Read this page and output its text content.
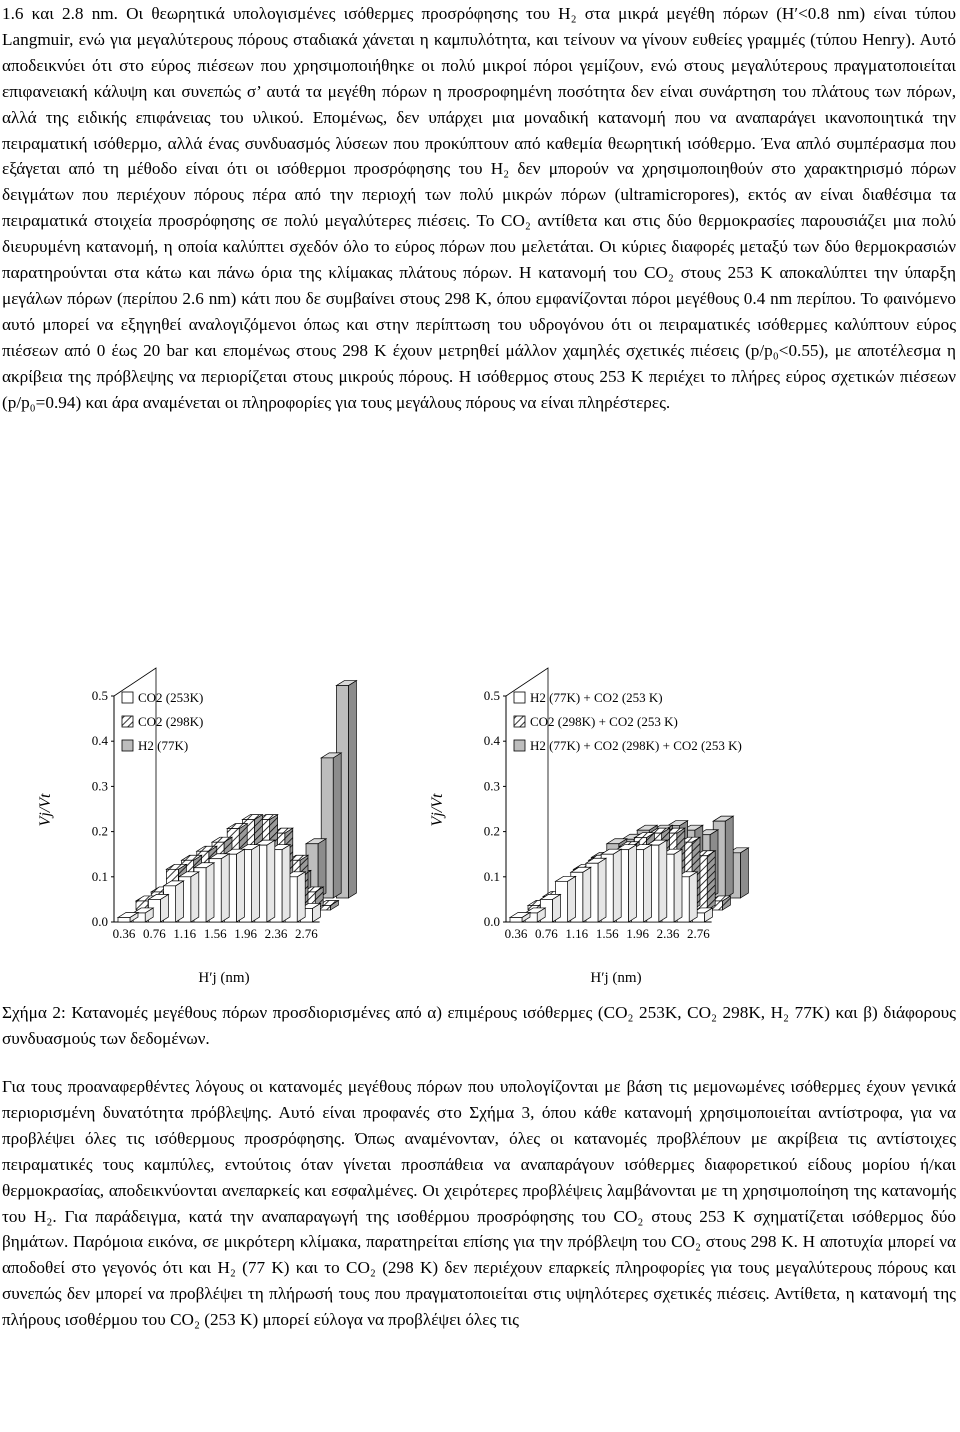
1.6 και 2.8 nm. Οι θεωρητικά υπολογισμένες ισόθερμες προσρόφησης του H₂ στα μικρά μεγέθη πόρων (H′<0.8 nm) είναι τύπου Langmuir, ενώ για μεγαλύτερους πόρους σταδιακά χάνεται η καμπυλότητα, και τείνουν να γίνουν ευθείες γραμμές (τύπου Henry). Αυτό αποδεικνύει ότι στο εύρος πιέσεων που χρησιμοποιήθηκε οι πολύ μικροί πόροι γεμίζουν, ενώ στους μεγαλύτερους πραγματοποιείται επιφανειακή κάλυψη και συνεπώς σ’ αυτά τα μεγέθη πόρων η προσροφημένη ποσότητα δεν είναι συνάρτηση του πλάτους των πόρων, αλλά της ειδικής επιφάνειας του υλικού. Επομένως, δεν υπάρχει μια μοναδική κατανομή που να αναπαράγει ικανοποιητικά την πειραματική ισόθερμο, αλλά ένας συνδυασμός λύσεων που προκύπτουν από καθεμία θεωρητική ισόθερμο. Ένα απλό συμπέρασμα που εξάγεται από τη μέθοδο είναι ότι οι ισόθερμοι προσρόφησης του H₂ δεν μπορούν να χρησιμοποιηθούν στο χαρακτηρισμό πόρων δειγμάτων που περιέχουν πόρους πέρα από την περιοχή των πολύ μικρών πόρων (ultramicropores), εκτός αν είναι διαθέσιμα τα πειραματικά στοιχεία προσρόφησης σε πολύ μεγαλύτερες πιέσεις. Το CO₂ αντίθετα και στις δύο θερμοκρασίες παρουσιάζει μια πολύ διευρυμένη κατανομή, η οποία καλύπτει σχεδόν όλο το εύρος πόρων που μελετάται. Οι κύριες διαφορές μεταξύ των δύο θερμοκρασιών παρατηρούνται στα κάτω και πάνω όρια της κλίμακας πλάτους πόρων. Η κατανομή του CO₂ στους 253 K αποκαλύπτει την ύπαρξη μεγάλων πόρων (περίπου 2.6 nm) κάτι που δε συμβαίνει στους 298 K, όπου εμφανίζονται πόροι μεγέθους 0.4 nm περίπου. Το φαινόμενο αυτό μπορεί να εξηγηθεί αναλογιζόμενοι όπως και στην περίπτωση του υδρογόνου ότι οι πειραματικές ισόθερμες καλύπτουν εύρος πιέσεων από 0 έως 20 bar και επομένως στους 298 K έχουν μετρηθεί μάλλον χαμηλές σχετικές πιέσεις (p/p₀<0.55), με αποτέλεσμα η ακρίβεια της πρόβλεψης να περιορίζεται στους μικρούς πόρους. Η ισόθερμος στους 253 K περιέχει το πλήρες εύρος σχετικών πιέσεων (p/p₀=0.94) και άρα αναμένεται οι πληροφορίες για τους μεγάλους πόρους να είναι πληρέστερες.

0.5
0.4
0.3
0.2
0.1
0.0
0.36 0.76 1.16 1.56 1.96 2.36 2.76
Vj/Vt
H′j (nm)
CO2 (253K)
CO2 (298K)
H2 (77K)
0.5
0.4
0.3
0.2
0.1
0.0
0.36 0.76 1.16 1.56 1.96 2.36 2.76
Vj/Vt
H′j (nm)
H2 (77K) + CO2 (253 K)
CO2 (298K) + CO2 (253 K)
H2 (77K) + CO2 (298K) + CO2 (253 K)

Σχήμα 2: Κατανομές μεγέθους πόρων προσδιορισμένες από α) επιμέρους ισόθερμες (CO₂ 253K, CO₂ 298K, H₂ 77K) και β) διάφορους συνδυασμούς των δεδομένων.

Για τους προαναφερθέντες λόγους οι κατανομές μεγέθους πόρων που υπολογίζονται με βάση τις μεμονωμένες ισόθερμες έχουν γενικά περιορισμένη δυνατότητα πρόβλεψης. Αυτό είναι προφανές στο Σχήμα 3, όπου κάθε κατανομή χρησιμοποιείται αντίστροφα, για να προβλέψει όλες τις ισόθερμους προσρόφησης. Όπως αναμένονταν, όλες οι κατανομές προβλέπουν με ακρίβεια τις αντίστοιχες πειραματικές τους καμπύλες, εντούτοις όταν γίνεται προσπάθεια να αναπαράγουν ισόθερμες διαφορετικού είδους μορίου ή/και θερμοκρασίας, αποδεικνύονται ανεπαρκείς και εσφαλμένες. Οι χειρότερες προβλέψεις λαμβάνονται με τη χρησιμοποίηση της κατανομής του H₂. Για παράδειγμα, κατά την αναπαραγωγή της ισοθέρμου προσρόφησης του CO₂ στους 253 K σχηματίζεται ισόθερμος δύο βημάτων. Παρόμοια εικόνα, σε μικρότερη κλίμακα, παρατηρείται επίσης για την πρόβλεψη του CO₂ στους 298 K. Η αποτυχία μπορεί να αποδοθεί στο γεγονός ότι και H₂ (77 K) και το CO₂ (298 K) δεν περιέχουν επαρκείς πληροφορίες για τους μεγαλύτερους πόρους και συνεπώς δεν μπορεί να προβλέψει τη πλήρωσή τους που πραγματοποιείται στις υψηλότερες σχετικές πιέσεις. Αντίθετα, η κατανομή της πλήρους ισοθέρμου του CO₂ (253 K) μπορεί εύλογα να προβλέψει όλες τις
